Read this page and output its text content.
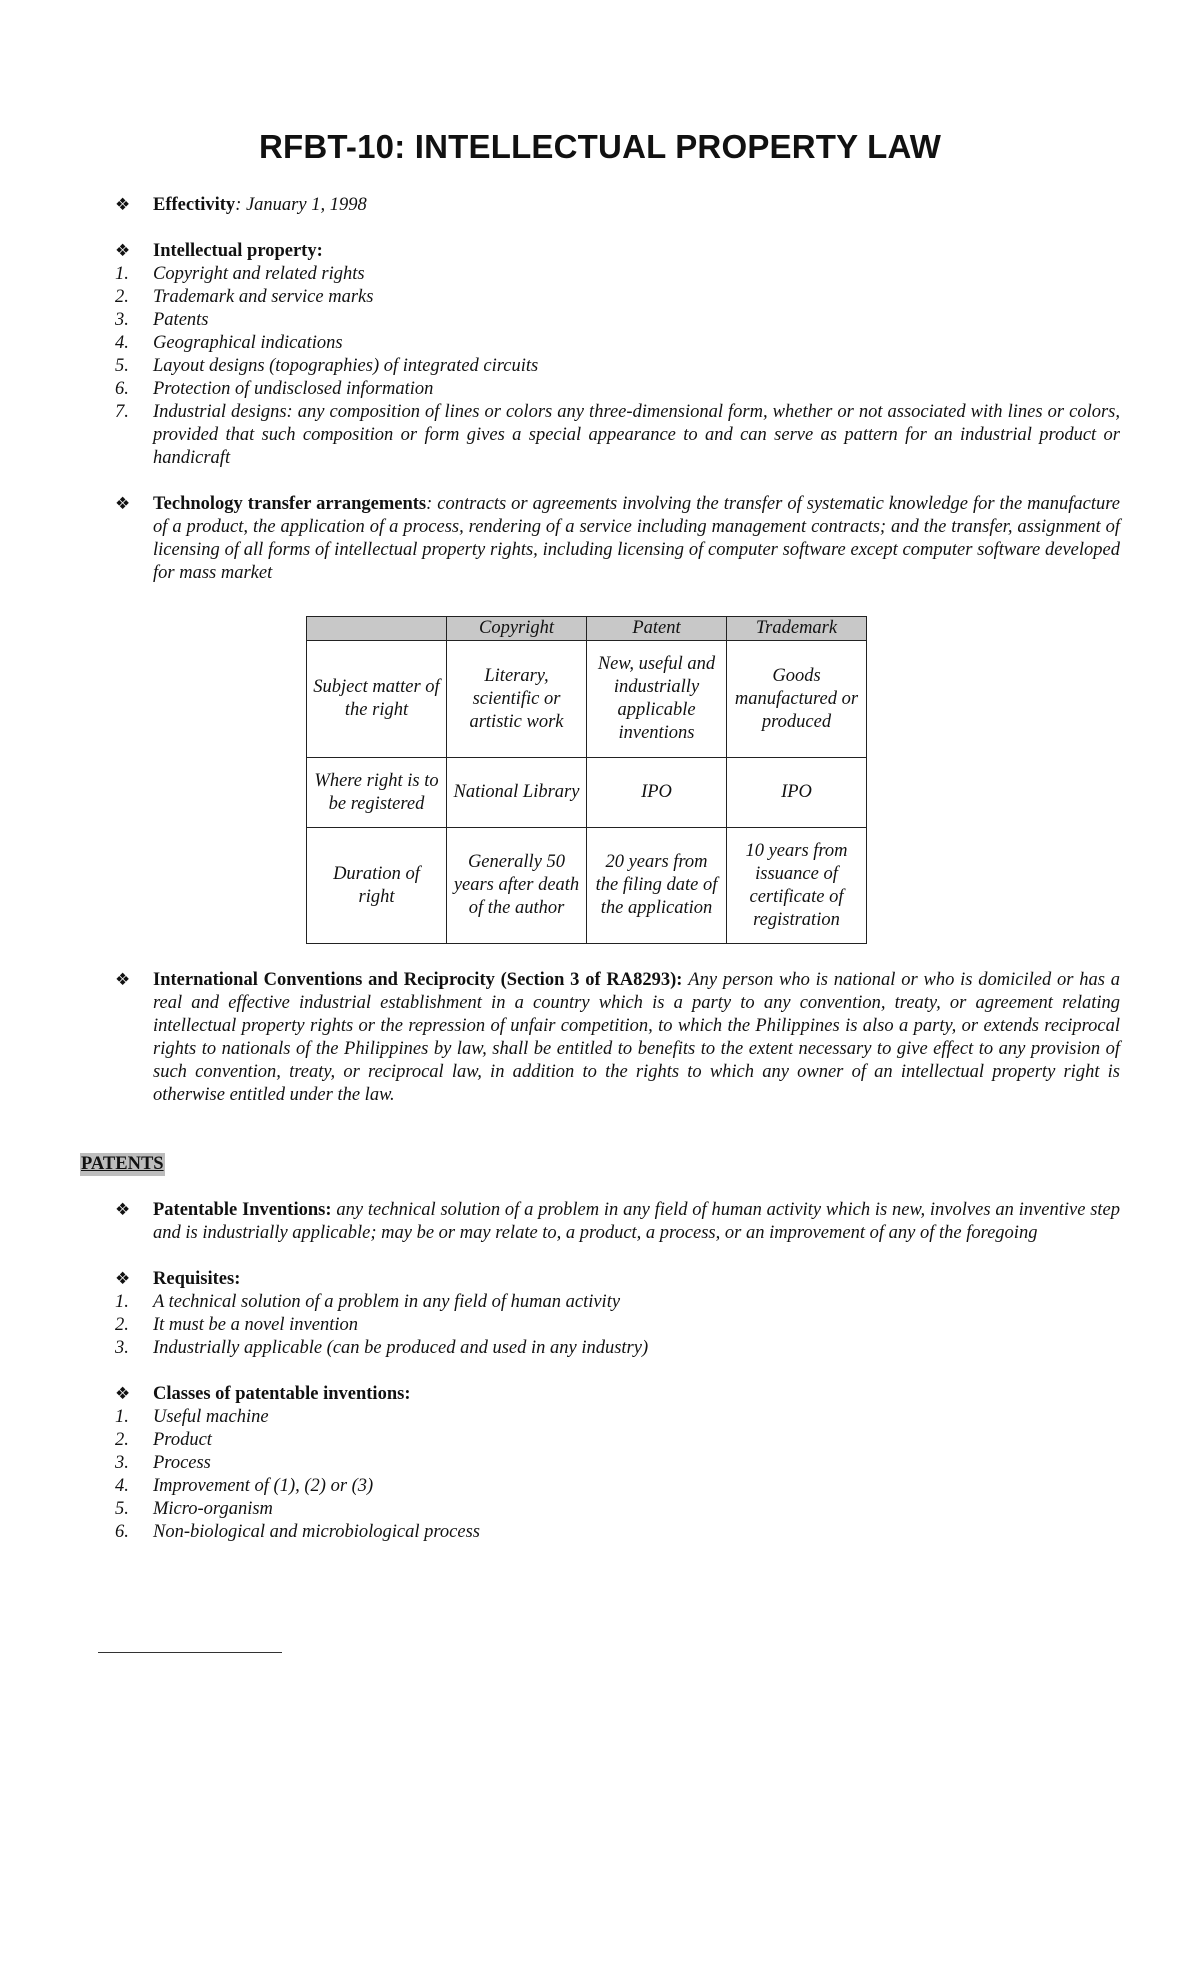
RFBT-10: INTELLECTUAL PROPERTY LAW
❖ Effectivity: January 1, 1998
❖ Intellectual property:
1. Copyright and related rights
2. Trademark and service marks
3. Patents
4. Geographical indications
5. Layout designs (topographies) of integrated circuits
6. Protection of undisclosed information
7. Industrial designs: any composition of lines or colors any three-dimensional form, whether or not associated with lines or colors, provided that such composition or form gives a special appearance to and can serve as pattern for an industrial product or handicraft
❖ Technology transfer arrangements: contracts or agreements involving the transfer of systematic knowledge for the manufacture of a product, the application of a process, rendering of a service including management contracts; and the transfer, assignment of licensing of all forms of intellectual property rights, including licensing of computer software except computer software developed for mass market
	Copyright	Patent	Trademark
Subject matter of the right	Literary, scientific or artistic work	New, useful and industrially applicable inventions	Goods manufactured or produced
Where right is to be registered	National Library	IPO	IPO
Duration of right	Generally 50 years after death of the author	20 years from the filing date of the application	10 years from issuance of certificate of registration
❖ International Conventions and Reciprocity (Section 3 of RA8293): Any person who is national or who is domiciled or has a real and effective industrial establishment in a country which is a party to any convention, treaty, or agreement relating intellectual property rights or the repression of unfair competition, to which the Philippines is also a party, or extends reciprocal rights to nationals of the Philippines by law, shall be entitled to benefits to the extent necessary to give effect to any provision of such convention, treaty, or reciprocal law, in addition to the rights to which any owner of an intellectual property right is otherwise entitled under the law.
PATENTS
❖ Patentable Inventions: any technical solution of a problem in any field of human activity which is new, involves an inventive step and is industrially applicable; may be or may relate to, a product, a process, or an improvement of any of the foregoing
❖ Requisites:
1. A technical solution of a problem in any field of human activity
2. It must be a novel invention
3. Industrially applicable (can be produced and used in any industry)
❖ Classes of patentable inventions:
1. Useful machine
2. Product
3. Process
4. Improvement of (1), (2) or (3)
5. Micro-organism
6. Non-biological and microbiological process
